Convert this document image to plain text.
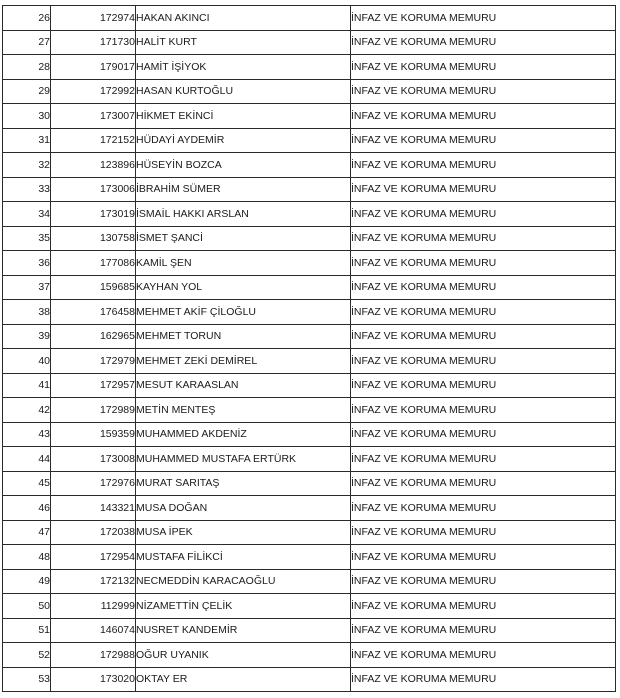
26	172974	HAKAN AKINCI	İNFAZ VE KORUMA MEMURU
27	171730	HALİT KURT	İNFAZ VE KORUMA MEMURU
28	179017	HAMİT İŞİYOK	İNFAZ VE KORUMA MEMURU
29	172992	HASAN KURTOĞLU	İNFAZ VE KORUMA MEMURU
30	173007	HİKMET EKİNCİ	İNFAZ VE KORUMA MEMURU
31	172152	HÜDAYİ AYDEMİR	İNFAZ VE KORUMA MEMURU
32	123896	HÜSEYİN BOZCA	İNFAZ VE KORUMA MEMURU
33	173006	İBRAHİM SÜMER	İNFAZ VE KORUMA MEMURU
34	173019	İSMAİL HAKKI ARSLAN	İNFAZ VE KORUMA MEMURU
35	130758	İSMET ŞANCİ	İNFAZ VE KORUMA MEMURU
36	177086	KAMİL ŞEN	İNFAZ VE KORUMA MEMURU
37	159685	KAYHAN YOL	İNFAZ VE KORUMA MEMURU
38	176458	MEHMET AKİF ÇİLOĞLU	İNFAZ VE KORUMA MEMURU
39	162965	MEHMET TORUN	İNFAZ VE KORUMA MEMURU
40	172979	MEHMET ZEKİ DEMİREL	İNFAZ VE KORUMA MEMURU
41	172957	MESUT KARAASLAN	İNFAZ VE KORUMA MEMURU
42	172989	METİN MENTEŞ	İNFAZ VE KORUMA MEMURU
43	159359	MUHAMMED AKDENİZ	İNFAZ VE KORUMA MEMURU
44	173008	MUHAMMED MUSTAFA ERTÜRK	İNFAZ VE KORUMA MEMURU
45	172976	MURAT SARITAŞ	İNFAZ VE KORUMA MEMURU
46	143321	MUSA DOĞAN	İNFAZ VE KORUMA MEMURU
47	172038	MUSA İPEK	İNFAZ VE KORUMA MEMURU
48	172954	MUSTAFA FİLİKCİ	İNFAZ VE KORUMA MEMURU
49	172132	NECMEDDİN KARACAOĞLU	İNFAZ VE KORUMA MEMURU
50	112999	NİZAMETTİN ÇELİK	İNFAZ VE KORUMA MEMURU
51	146074	NUSRET KANDEMİR	İNFAZ VE KORUMA MEMURU
52	172988	OĞUR UYANIK	İNFAZ VE KORUMA MEMURU
53	173020	OKTAY ER	İNFAZ VE KORUMA MEMURU
